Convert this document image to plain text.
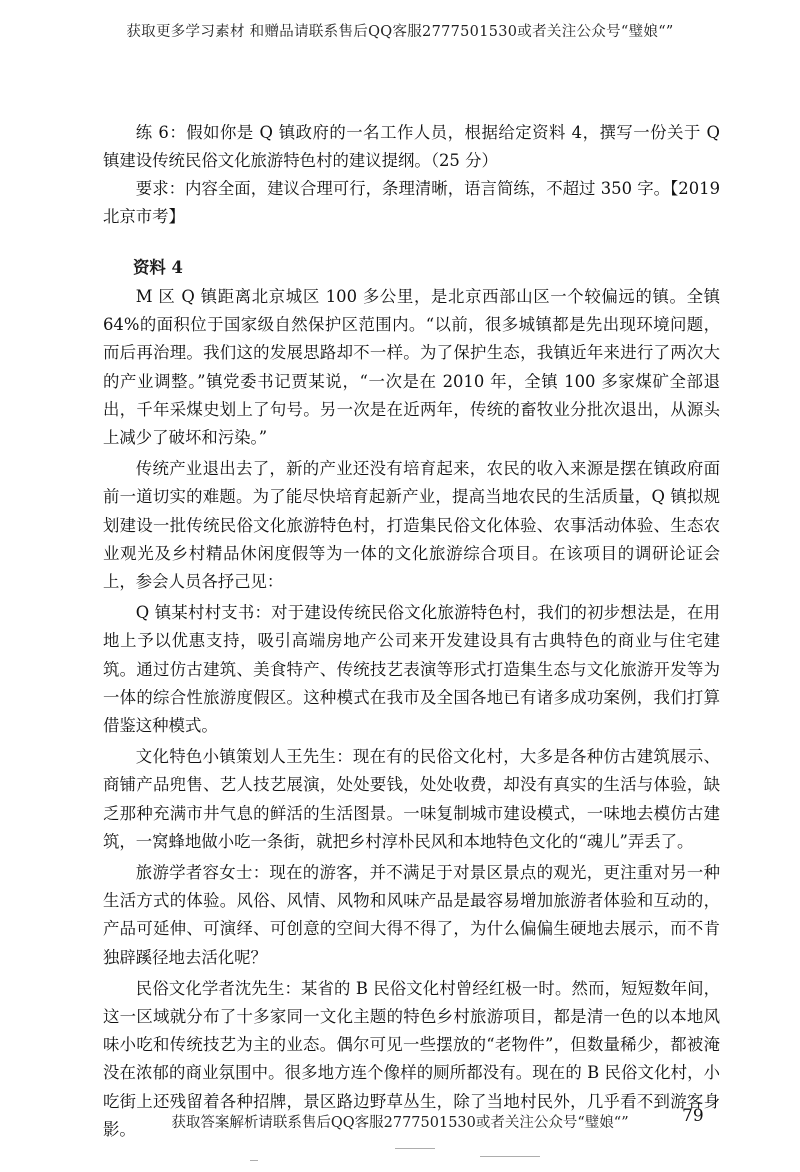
获取更多学习素材 和赠品请联系售后QQ客服2777501530或者关注公众号“璧娘“”

练 6：假如你是 Q 镇政府的一名工作人员，根据给定资料 4，撰写一份关于 Q 镇建设传统民俗文化旅游特色村的建议提纲。（25 分）

要求：内容全面，建议合理可行，条理清晰，语言简练，不超过 350 字。【2019 北京市考】

资料 4

M 区 Q 镇距离北京城区 100 多公里，是北京西部山区一个较偏远的镇。全镇 64%的面积位于国家级自然保护区范围内。“以前，很多城镇都是先出现环境问题，而后再治理。我们这的发展思路却不一样。为了保护生态，我镇近年来进行了两次大的产业调整。”镇党委书记贾某说，“一次是在 2010 年，全镇 100 多家煤矿全部退出，千年采煤史划上了句号。另一次是在近两年，传统的畜牧业分批次退出，从源头上减少了破坏和污染。”

传统产业退出去了，新的产业还没有培育起来，农民的收入来源是摆在镇政府面前一道切实的难题。为了能尽快培育起新产业，提高当地农民的生活质量，Q 镇拟规划建设一批传统民俗文化旅游特色村，打造集民俗文化体验、农事活动体验、生态农业观光及乡村精品休闲度假等为一体的文化旅游综合项目。在该项目的调研论证会上，参会人员各抒己见：

Q 镇某村村支书：对于建设传统民俗文化旅游特色村，我们的初步想法是，在用地上予以优惠支持，吸引高端房地产公司来开发建设具有古典特色的商业与住宅建筑。通过仿古建筑、美食特产、传统技艺表演等形式打造集生态与文化旅游开发等为一体的综合性旅游度假区。这种模式在我市及全国各地已有诸多成功案例，我们打算借鉴这种模式。

文化特色小镇策划人王先生：现在有的民俗文化村，大多是各种仿古建筑展示、商铺产品兜售、艺人技艺展演，处处要钱，处处收费，却没有真实的生活与体验，缺乏那种充满市井气息的鲜活的生活图景。一味复制城市建设模式，一味地去模仿古建筑，一窝蜂地做小吃一条街，就把乡村淳朴民风和本地特色文化的“魂儿”弄丢了。

旅游学者容女士：现在的游客，并不满足于对景区景点的观光，更注重对另一种生活方式的体验。风俗、风情、风物和风味产品是最容易增加旅游者体验和互动的，产品可延伸、可演绎、可创意的空间大得不得了，为什么偏偏生硬地去展示，而不肯独辟蹊径地去活化呢？

民俗文化学者沈先生：某省的 B 民俗文化村曾经红极一时。然而，短短数年间，这一区域就分布了十多家同一文化主题的特色乡村旅游项目，都是清一色的以本地风味小吃和传统技艺为主的业态。偶尔可见一些摆放的“老物件”，但数量稀少，都被淹没在浓郁的商业氛围中。很多地方连个像样的厕所都没有。现在的 B 民俗文化村，小吃街上还残留着各种招牌，景区路边野草丛生，除了当地村民外，几乎看不到游客身影。	获取答案解析请联系售后QQ客服2777501530或者关注公众号“璧娘“”	79
